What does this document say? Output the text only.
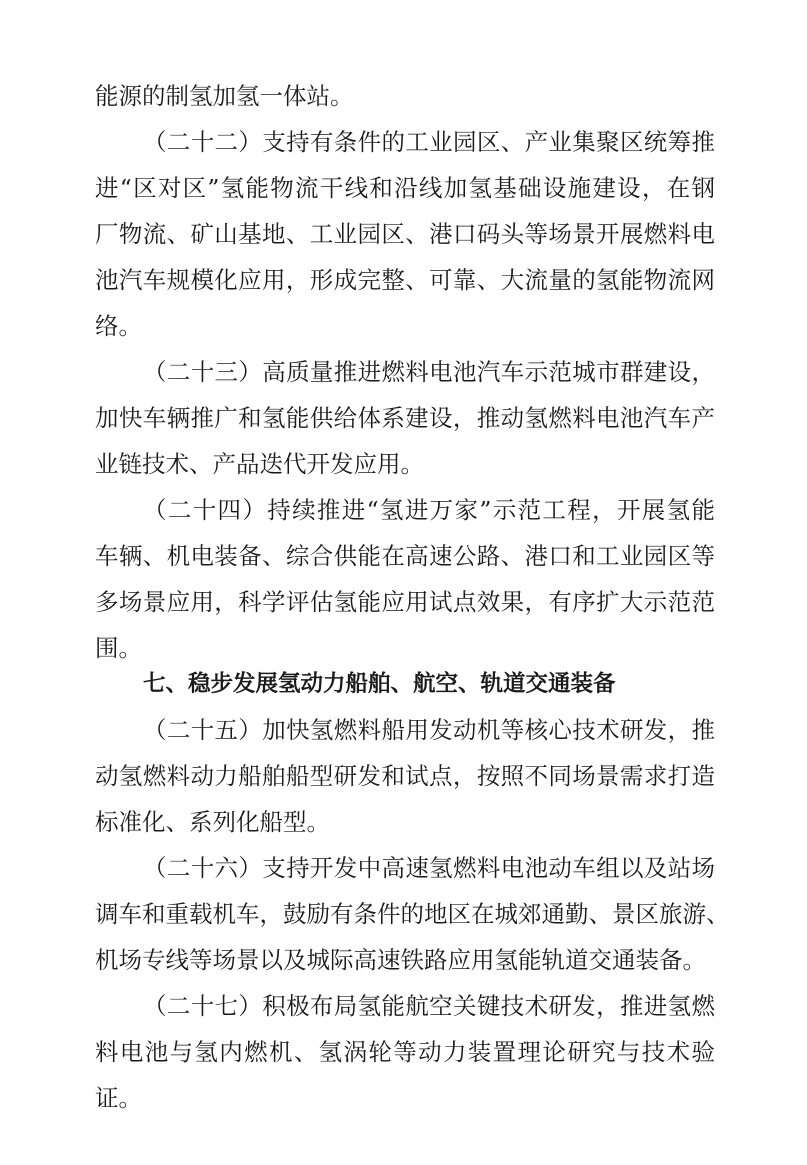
能源的制氢加氢一体站。
（二十二）支持有条件的工业园区、产业集聚区统筹推
进“区对区”氢能物流干线和沿线加氢基础设施建设，在钢
厂物流、矿山基地、工业园区、港口码头等场景开展燃料电
池汽车规模化应用，形成完整、可靠、大流量的氢能物流网
络。
（二十三）高质量推进燃料电池汽车示范城市群建设，
加快车辆推广和氢能供给体系建设，推动氢燃料电池汽车产
业链技术、产品迭代开发应用。
（二十四）持续推进“氢进万家”示范工程，开展氢能
车辆、机电装备、综合供能在高速公路、港口和工业园区等
多场景应用，科学评估氢能应用试点效果，有序扩大示范范
围。
七、稳步发展氢动力船舶、航空、轨道交通装备
（二十五）加快氢燃料船用发动机等核心技术研发，推
动氢燃料动力船舶船型研发和试点，按照不同场景需求打造
标准化、系列化船型。
（二十六）支持开发中高速氢燃料电池动车组以及站场
调车和重载机车，鼓励有条件的地区在城郊通勤、景区旅游、
机场专线等场景以及城际高速铁路应用氢能轨道交通装备。
（二十七）积极布局氢能航空关键技术研发，推进氢燃
料电池与氢内燃机、氢涡轮等动力装置理论研究与技术验
证。
